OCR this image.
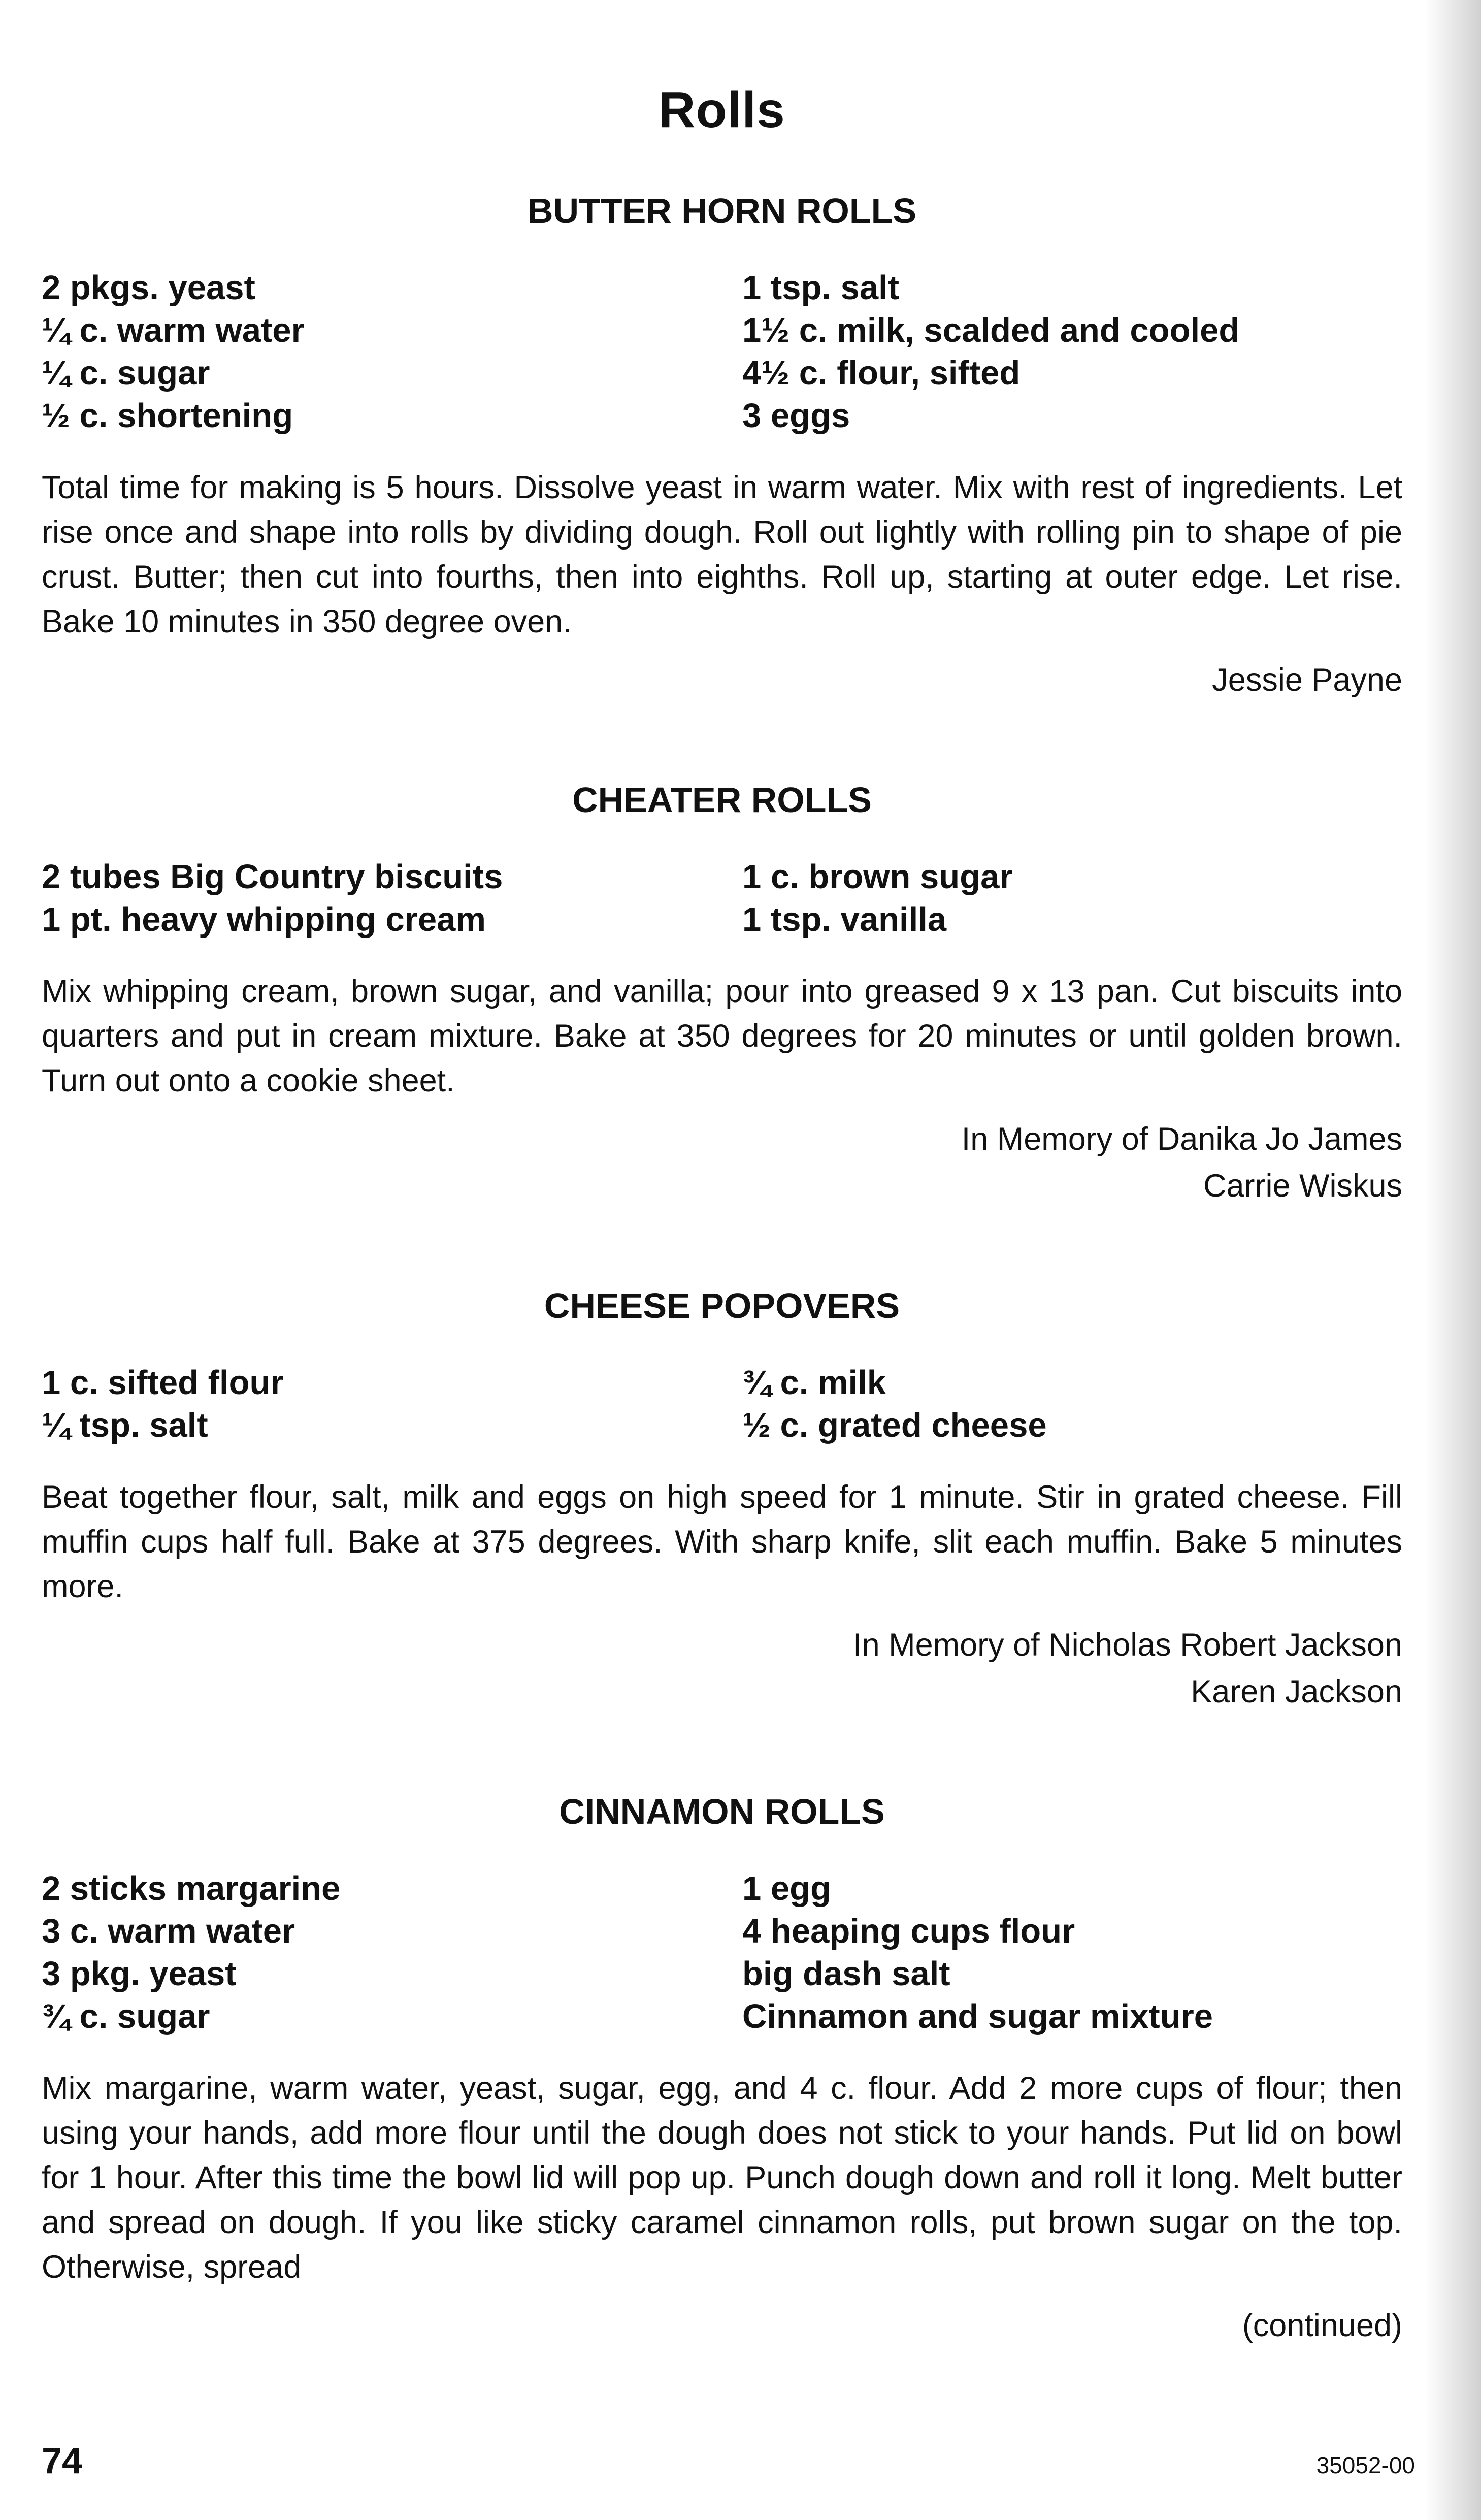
Rolls
BUTTER HORN ROLLS
2 pkgs. yeast
¼ c. warm water
¼ c. sugar
½ c. shortening
1 tsp. salt
1½ c. milk, scalded and cooled
4½ c. flour, sifted
3 eggs

Total time for making is 5 hours. Dissolve yeast in warm water. Mix with rest of ingredients. Let rise once and shape into rolls by dividing dough. Roll out lightly with rolling pin to shape of pie crust. Butter; then cut into fourths, then into eighths. Roll up, starting at outer edge. Let rise. Bake 10 minutes in 350 degree oven.

Jessie Payne
CHEATER ROLLS
2 tubes Big Country biscuits
1 pt. heavy whipping cream
1 c. brown sugar
1 tsp. vanilla

Mix whipping cream, brown sugar, and vanilla; pour into greased 9 x 13 pan. Cut biscuits into quarters and put in cream mixture. Bake at 350 degrees for 20 minutes or until golden brown. Turn out onto a cookie sheet.

In Memory of Danika Jo James
Carrie Wiskus
CHEESE POPOVERS
1 c. sifted flour
¼ tsp. salt
¾ c. milk
½ c. grated cheese

Beat together flour, salt, milk and eggs on high speed for 1 minute. Stir in grated cheese. Fill muffin cups half full. Bake at 375 degrees. With sharp knife, slit each muffin. Bake 5 minutes more.

In Memory of Nicholas Robert Jackson
Karen Jackson
CINNAMON ROLLS
2 sticks margarine
3 c. warm water
3 pkg. yeast
¾ c. sugar
1 egg
4 heaping cups flour
big dash salt
Cinnamon and sugar mixture

Mix margarine, warm water, yeast, sugar, egg, and 4 c. flour. Add 2 more cups of flour; then using your hands, add more flour until the dough does not stick to your hands. Put lid on bowl for 1 hour. After this time the bowl lid will pop up. Punch dough down and roll it long. Melt butter and spread on dough. If you like sticky caramel cinnamon rolls, put brown sugar on the top. Otherwise, spread

(continued)
74	35052-00
